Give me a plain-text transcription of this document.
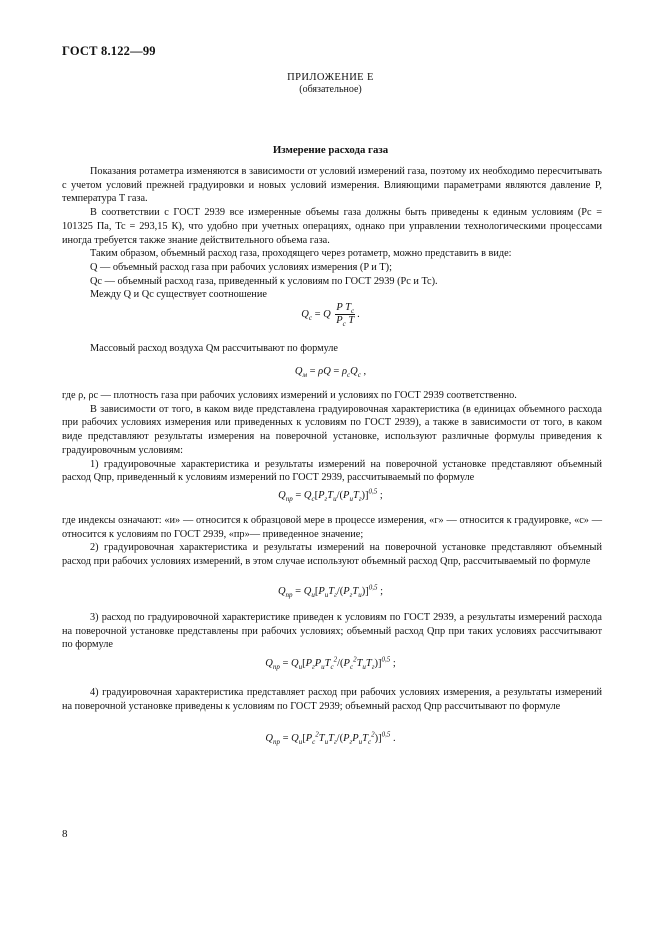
ГОСТ 8.122—99
ПРИЛОЖЕНИЕ Е
(обязательное)
Измерение расхода газа

Показания ротаметра изменяются в зависимости от условий измерений газа, поэтому их необходимо пересчитывать с учетом условий прежней градуировки и новых условий измерения. Влияющими параметрами являются давление P, температура T газа.

В соответствии с ГОСТ 2939 все измеренные объемы газа должны быть приведены к единым условиям (Pc = 101325 Па, Tc = 293,15 К), что удобно при учетных операциях, однако при управлении технологическими процессами иногда требуется также знание действительного объема газа.

Таким образом, объемный расход газа, проходящего через ротаметр, можно представить в виде:

Q — объемный расход газа при рабочих условиях измерения (P и T);

Qc — объемный расход газа, приведенный к условиям по ГОСТ 2939 (Pc и Tc).

Между Q и Qc существует соотношение

$Q_c = Q \frac{P T_c}{P_c T}$ .

Массовый расход воздуха Qм рассчитывают по формуле

$Q_м = \rho Q = \rho_cQ_c$ ,

где ρ, ρc — плотность газа при рабочих условиях измерений и условиях по ГОСТ 2939 соответственно.

В зависимости от того, в каком виде представлена градуировочная характеристика (в единицах объемного расхода при рабочих условиях измерения или приведенных к условиям по ГОСТ 2939), а также в зависимости от того, в каком виде представляют результаты измерения на поверочной установке, используют различные формулы приведения к градуировочным условиям:

1) градуировочные характеристика и результаты измерений на поверочной установке представляют объемный расход Qпр, приведенный к условиям измерений по ГОСТ 2939, рассчитываемый по формуле

$Q_{пр} = Q_c[P_гT_и/(P_иT_г)]^{0,5}$ ;

где индексы означают: «и» — относится к образцовой мере в процессе измерения, «г» — относится к градуировке, «с» — относится к условиям по ГОСТ 2939, «пр»— приведенное значение;

2) градуировочная характеристика и результаты измерений на поверочной установке представляют объемный расход при рабочих условиях измерений, в этом случае используют объемный расход Qпр, рассчитываемый по формуле

$Q_{пр} = Q_и[P_иT_г/(P_гT_и)]^{0,5}$ ;

3) расход по градуировочной характеристике приведен к условиям по ГОСТ 2939, а результаты измерений расхода на поверочной установке представлены при рабочих условиях; объемный расход Qпр при таких условиях рассчитывают по формуле

$Q_{пр} = Q_и[P_гP_иT_c^2/(P_c^2T_иT_г)]^{0,5}$ ;

4) градуировочная характеристика представляет расход при рабочих условиях измерения, а результаты измерений на поверочной установке приведены к условиям по ГОСТ 2939; объемный расход Qпр рассчитывают по формуле

$Q_{пр} = Q_и[P_c^2T_иT_г/(P_гP_иT_c^2)]^{0,5}$ .
8
